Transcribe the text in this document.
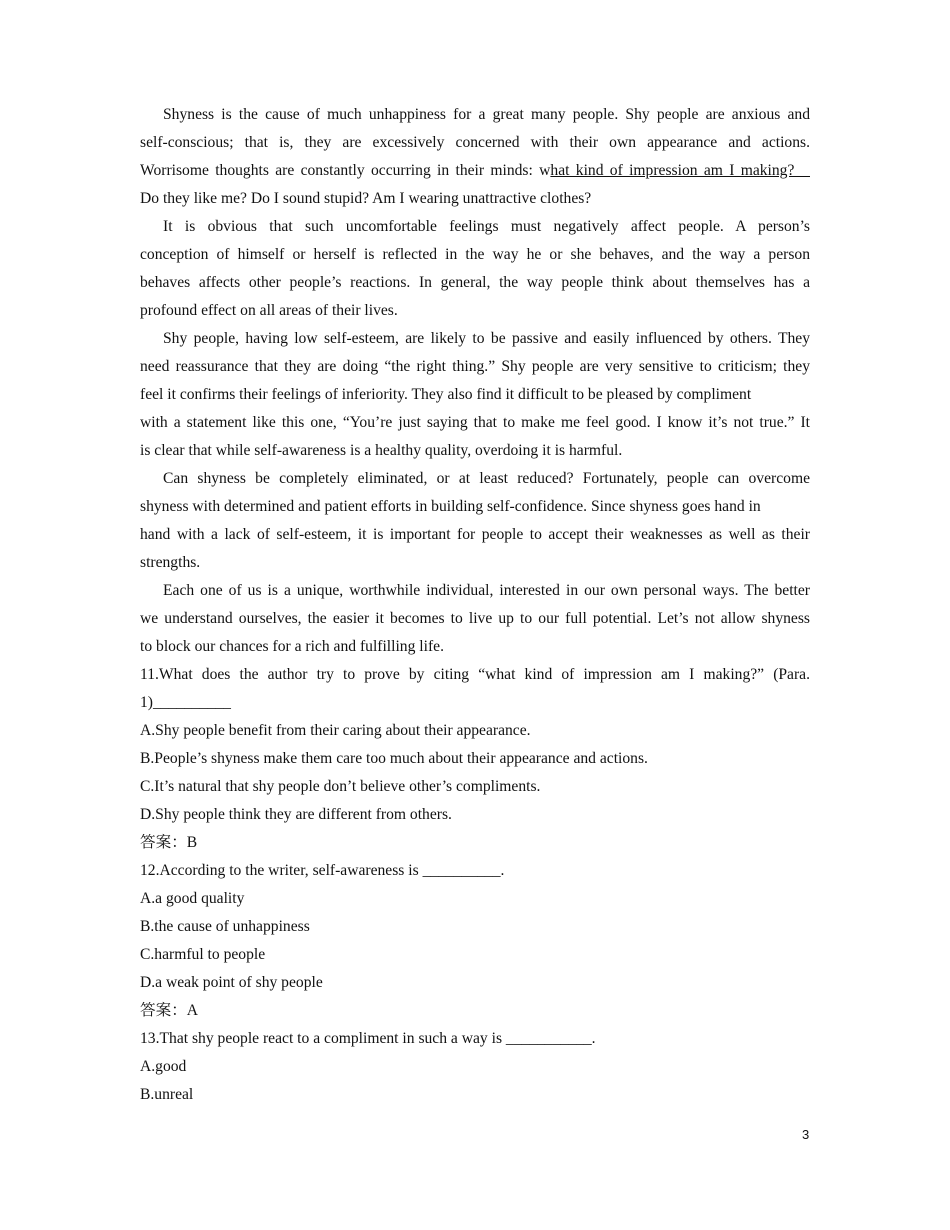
Shyness is the cause of much unhappiness for a great many people. Shy people are anxious and
self-conscious; that is, they are excessively concerned with their own appearance and actions.
Worrisome thoughts are constantly occurring in their minds: what kind of impression am I making?
Do they like me? Do I sound stupid? Am I wearing unattractive clothes?
It is obvious that such uncomfortable feelings must negatively affect people. A person’s
conception of himself or herself is reflected in the way he or she behaves, and the way a person
behaves affects other people’s reactions. In general, the way people think about themselves has a
profound effect on all areas of their lives.
Shy people, having low self-esteem, are likely to be passive and easily influenced by others. They
need reassurance that they are doing “the right thing.” Shy people are very sensitive to criticism; they
feel it confirms their feelings of inferiority. They also find it difficult to be pleased by compliment
with a statement like this one, “You’re just saying that to make me feel good. I know it’s not true.” It
is clear that while self-awareness is a healthy quality, overdoing it is harmful.
Can shyness be completely eliminated, or at least reduced? Fortunately, people can overcome
shyness with determined and patient efforts in building self-confidence. Since shyness goes hand in
hand with a lack of self-esteem, it is important for people to accept their weaknesses as well as their
strengths.
Each one of us is a unique, worthwhile individual, interested in our own personal ways. The better
we understand ourselves, the easier it becomes to live up to our full potential. Let’s not allow shyness
to block our chances for a rich and fulfilling life.
11.What does the author try to prove by citing “what kind of impression am I making?” (Para.
1)__________
A.Shy people benefit from their caring about their appearance.
B.People’s shyness make them care too much about their appearance and actions.
C.It’s natural that shy people don’t believe other’s compliments.
D.Shy people think they are different from others.
答案：B
12.According to the writer, self-awareness is __________.
A.a good quality
B.the cause of unhappiness
C.harmful to people
D.a weak point of shy people
答案：A
13.That shy people react to a compliment in such a way is ___________.
A.good
B.unreal
3
